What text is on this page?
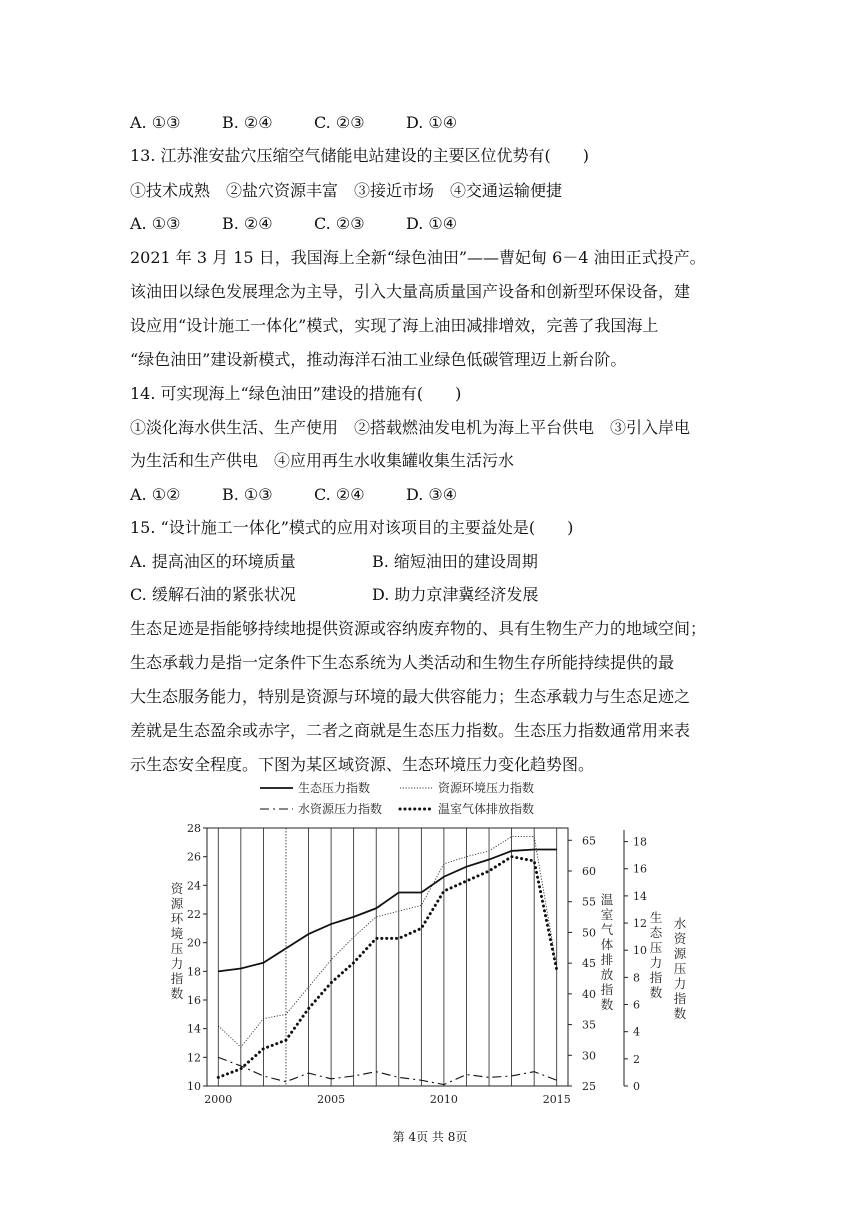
A. ①③	B. ②④	C. ②③	D. ①④

13. 江苏淮安盐穴压缩空气储能电站建设的主要区位优势有(　　)

①技术成熟　②盐穴资源丰富　③接近市场　④交通运输便捷

A. ①③	B. ②④	C. ②③	D. ①④

2021 年 3 月 15 日，我国海上全新“绿色油田”——曹妃甸 6－4 油田正式投产。

该油田以绿色发展理念为主导，引入大量高质量国产设备和创新型环保设备，建

设应用“设计施工一体化”模式，实现了海上油田减排增效，完善了我国海上

“绿色油田”建设新模式，推动海洋石油工业绿色低碳管理迈上新台阶。

14. 可实现海上“绿色油田”建设的措施有(　　)

①淡化海水供生活、生产使用　②搭载燃油发电机为海上平台供电　③引入岸电

为生活和生产供电　④应用再生水收集罐收集生活污水

A. ①②	B. ①③	C. ②④	D. ③④

15. “设计施工一体化”模式的应用对该项目的主要益处是(　　)

A. 提高油区的环境质量	B. 缩短油田的建设周期
C. 缓解石油的紧张状况	D. 助力京津冀经济发展

生态足迹是指能够持续地提供资源或容纳废弃物的、具有生物生产力的地域空间；

生态承载力是指一定条件下生态系统为人类活动和生物生存所能持续提供的最

大生态服务能力，特别是资源与环境的最大供容能力；生态承载力与生态足迹之

差就是生态盈余或赤字，二者之商就是生态压力指数。生态压力指数通常用来表

示生态安全程度。下图为某区域资源、生态环境压力变化趋势图。

生态压力指数	资源环境压力指数
水资源压力指数	温室气体排放指数
10
12
14
16
18
20
22
24
26
28
资源环境压力指数
25
30
35
40
45
50
55
60
65
温室气体排放指数
0
2
4
6
8
10
12
14
16
18
生态压力指数
水资源压力指数
2000	2005	2010	2015
第 4页 共 8页
